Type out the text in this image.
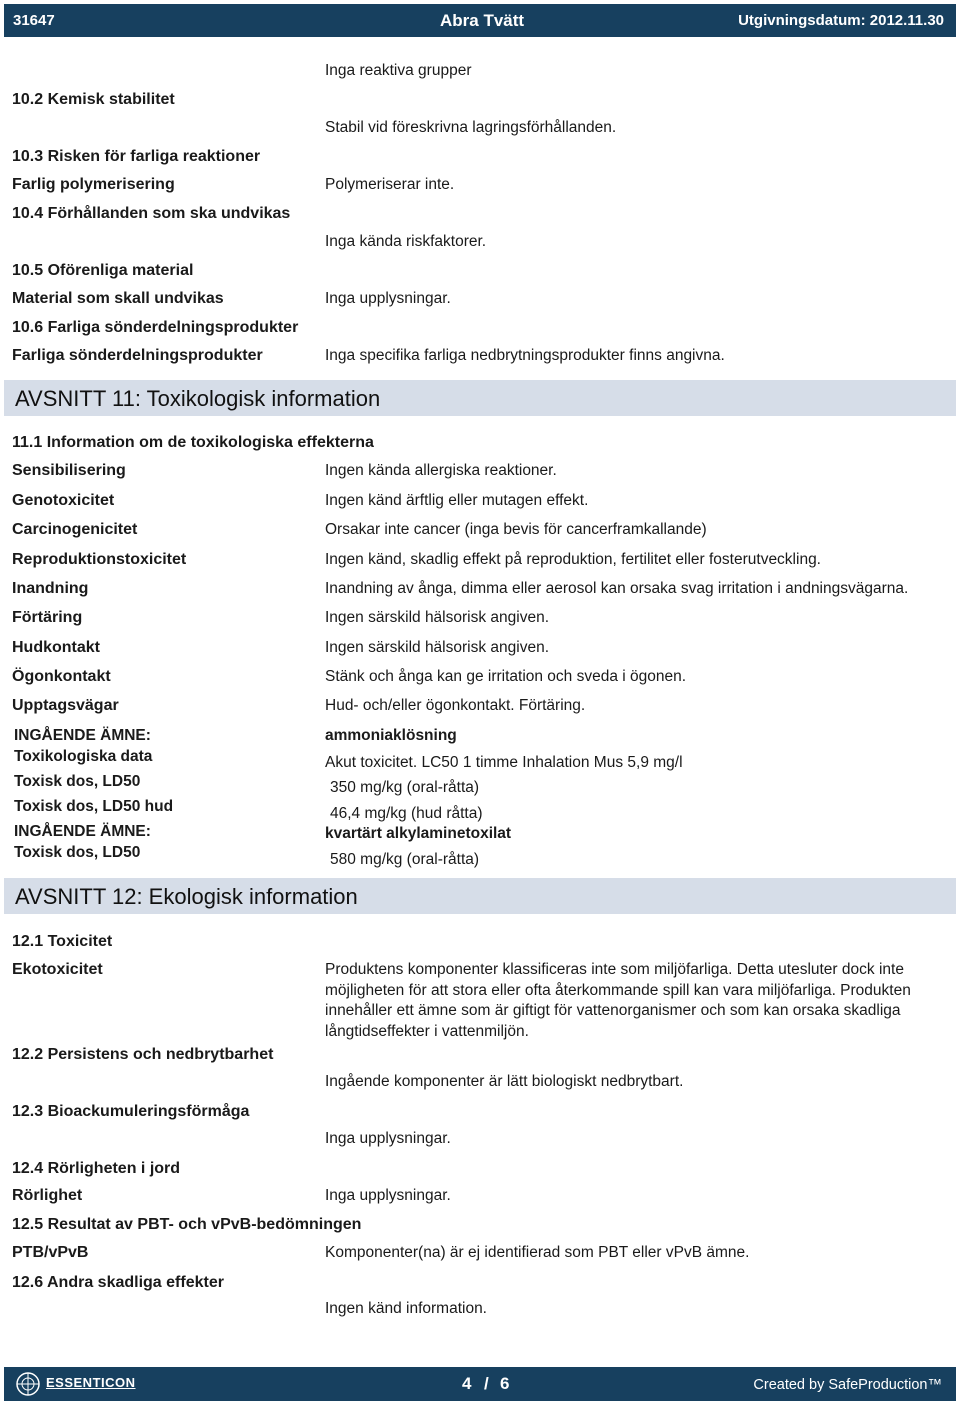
31647	Abra Tvätt	Utgivningsdatum: 2012.11.30
Inga reaktiva grupper
10.2 Kemisk stabilitet
Stabil vid föreskrivna lagringsförhållanden.
10.3 Risken för farliga reaktioner
Farlig polymerisering	Polymeriserar inte.
10.4 Förhållanden som ska undvikas
Inga kända riskfaktorer.
10.5 Oförenliga material
Material som skall undvikas	Inga upplysningar.
10.6 Farliga sönderdelningsprodukter
Farliga sönderdelningsprodukter	Inga specifika farliga nedbrytningsprodukter finns angivna.
AVSNITT 11: Toxikologisk information
11.1 Information om de toxikologiska effekterna
Sensibilisering	Ingen kända allergiska reaktioner.
Genotoxicitet	Ingen känd ärftlig eller mutagen effekt.
Carcinogenicitet	Orsakar inte cancer (inga bevis för cancerframkallande)
Reproduktionstoxicitet	Ingen känd, skadlig effekt på reproduktion, fertilitet eller fosterutveckling.
Inandning	Inandning av ånga, dimma eller aerosol kan orsaka svag irritation i andningsvägarna.
Förtäring	Ingen särskild hälsorisk angiven.
Hudkontakt	Ingen särskild hälsorisk angiven.
Ögonkontakt	Stänk och ånga kan ge irritation och sveda i ögonen.
Upptagsvägar	Hud- och/eller ögonkontakt. Förtäring.
INGÅENDE ÄMNE:	ammoniaklösning
Toxikologiska data	Akut toxicitet. LC50 1 timme Inhalation Mus 5,9 mg/l
Toxisk dos, LD50	350 mg/kg (oral-råtta)
Toxisk dos, LD50 hud	46,4 mg/kg (hud råtta)
INGÅENDE ÄMNE:	kvartärt alkylaminetoxilat
Toxisk dos, LD50	580 mg/kg (oral-råtta)
AVSNITT 12: Ekologisk information
12.1 Toxicitet
Ekotoxicitet	Produktens komponenter klassificeras inte som miljöfarliga. Detta utesluter dock inte möjligheten för att stora eller ofta återkommande spill kan vara miljöfarliga. Produkten innehåller ett ämne som är giftigt för vattenorganismer och som kan orsaka skadliga långtidseffekter i vattenmiljön.
12.2 Persistens och nedbrytbarhet
Ingående komponenter är lätt biologiskt nedbrytbart.
12.3 Bioackumuleringsförmåga
Inga upplysningar.
12.4 Rörligheten i jord
Rörlighet	Inga upplysningar.
12.5 Resultat av PBT- och vPvB-bedömningen
PTB/vPvB	Komponenter(na) är ej identifierad som PBT eller vPvB ämne.
12.6 Andra skadliga effekter
Ingen känd information.
ESSENTICON	4 / 6	Created by SafeProduction™
